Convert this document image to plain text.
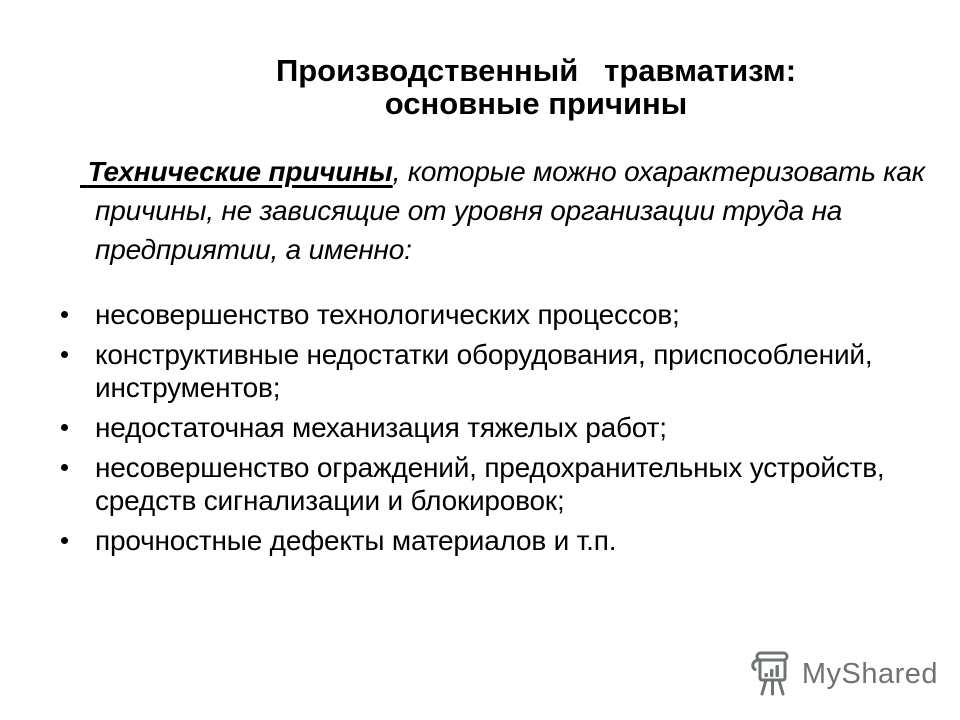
Производственный   травматизм:
основные причины
Технические причины, которые можно охарактеризовать как
причины, не зависящие от уровня организации труда на
предприятии, а именно:
несовершенство технологических процессов;
конструктивные недостатки оборудования, приспособлений,
инструментов;
недостаточная механизация тяжелых работ;
несовершенство ограждений, предохранительных устройств,
средств сигнализации и блокировок;
прочностные дефекты материалов и т.п.
MyShared
